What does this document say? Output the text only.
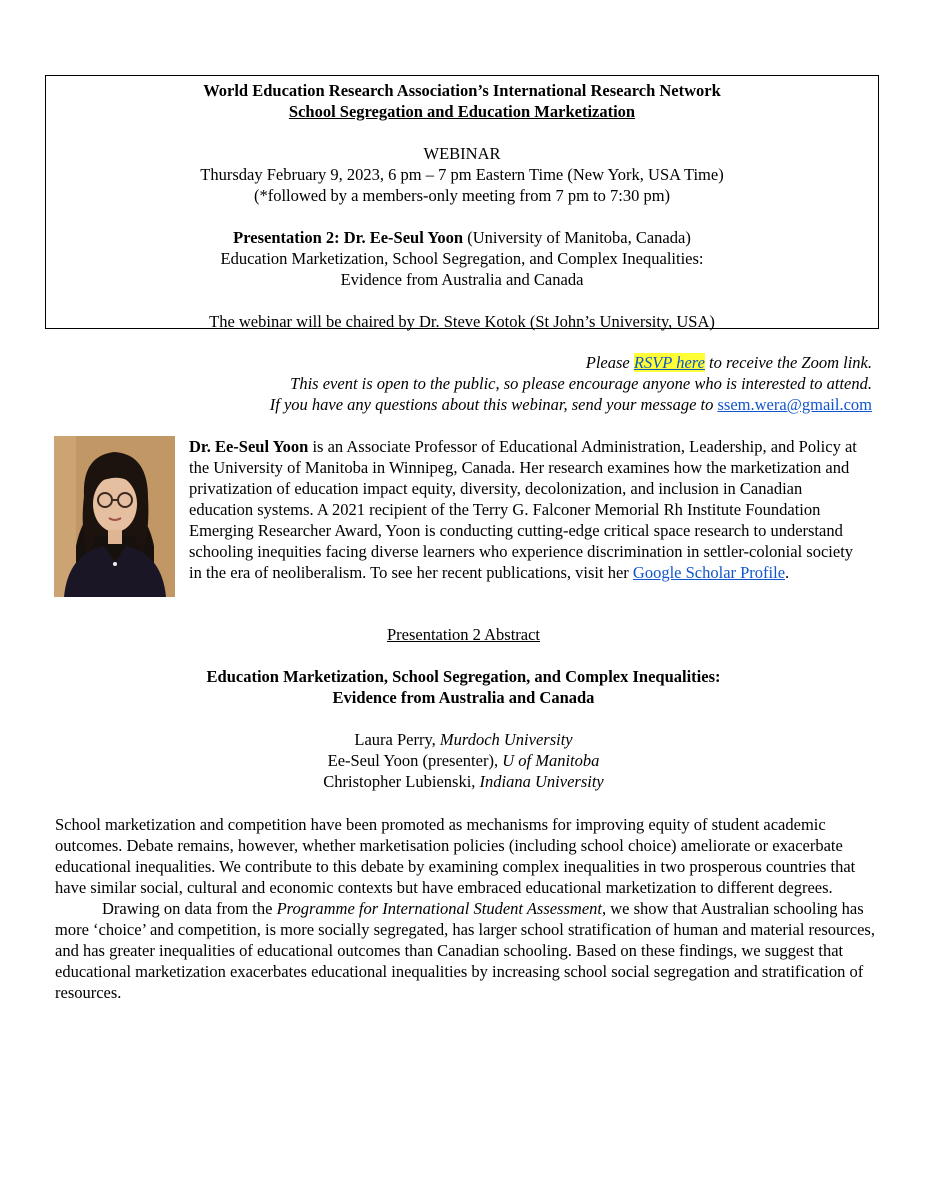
World Education Research Association’s International Research Network

School Segregation and Education Marketization

WEBINAR

Thursday February 9, 2023, 6 pm – 7 pm Eastern Time (New York, USA Time)

(*followed by a members-only meeting from 7 pm to 7:30 pm)

Presentation 2: Dr. Ee-Seul Yoon (University of Manitoba, Canada)

Education Marketization, School Segregation, and Complex Inequalities:

Evidence from Australia and Canada

The webinar will be chaired by Dr. Steve Kotok (St John’s University, USA)

Please RSVP here to receive the Zoom link.

This event is open to the public, so please encourage anyone who is interested to attend.

If you have any questions about this webinar, send your message to ssem.wera@gmail.com

Dr. Ee-Seul Yoon is an Associate Professor of Educational Administration, Leadership, and Policy at the University of Manitoba in Winnipeg, Canada. Her research examines how the marketization and privatization of education impact equity, diversity, decolonization, and inclusion in Canadian education systems. A 2021 recipient of the Terry G. Falconer Memorial Rh Institute Foundation Emerging Researcher Award, Yoon is conducting cutting-edge critical space research to understand schooling inequities facing diverse learners who experience discrimination in settler-colonial society in the era of neoliberalism. To see her recent publications, visit her Google Scholar Profile.

Presentation 2 Abstract

Education Marketization, School Segregation, and Complex Inequalities:

Evidence from Australia and Canada

Laura Perry, Murdoch University

Ee-Seul Yoon (presenter), U of Manitoba

Christopher Lubienski, Indiana University

School marketization and competition have been promoted as mechanisms for improving equity of student academic outcomes. Debate remains, however, whether marketisation policies (including school choice) ameliorate or exacerbate educational inequalities. We contribute to this debate by examining complex inequalities in two prosperous countries that have similar social, cultural and economic contexts but have embraced educational marketization to different degrees.

Drawing on data from the Programme for International Student Assessment, we show that Australian schooling has more ‘choice’ and competition, is more socially segregated, has larger school stratification of human and material resources, and has greater inequalities of educational outcomes than Canadian schooling. Based on these findings, we suggest that educational marketization exacerbates educational inequalities by increasing school social segregation and stratification of resources.
